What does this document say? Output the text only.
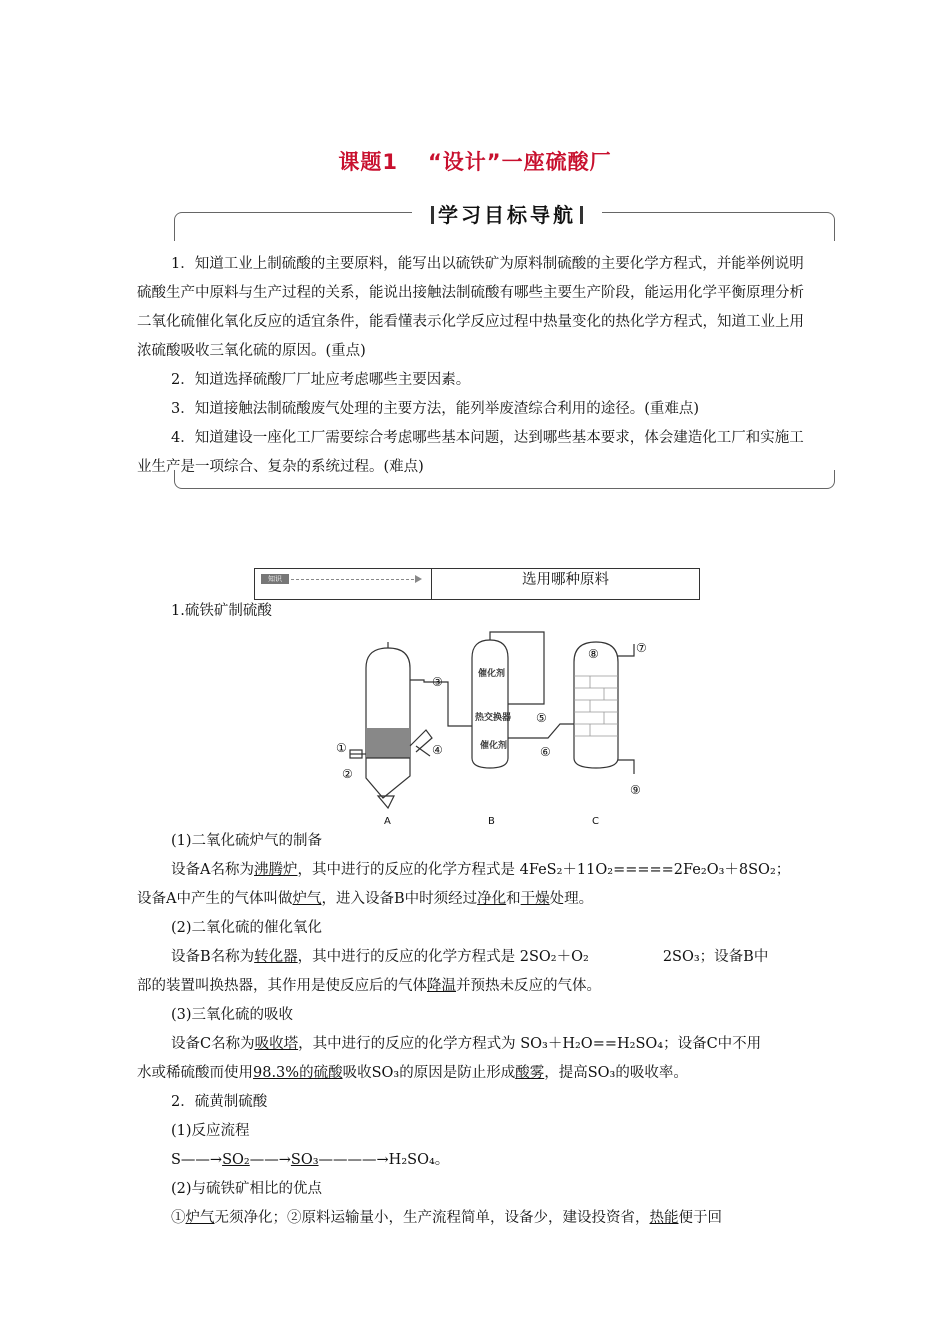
课题1 “设计”一座硫酸厂
学习目标导航

1．知道工业上制硫酸的主要原料，能写出以硫铁矿为原料制硫酸的主要化学方程式，并能举例说明硫酸生产中原料与生产过程的关系，能说出接触法制硫酸有哪些主要生产阶段，能运用化学平衡原理分析二氧化硫催化氧化反应的适宜条件，能看懂表示化学反应过程中热量变化的热化学方程式，知道工业上用浓硫酸吸收三氧化硫的原因。(重点)

2．知道选择硫酸厂厂址应考虑哪些主要因素。

3．知道接触法制硫酸废气处理的主要方法，能列举废渣综合利用的途径。(重难点)

4．知道建设一座化工厂需要综合考虑哪些基本问题，达到哪些基本要求，体会建造化工厂和实施工业生产是一项综合、复杂的系统过程。(难点)

知识	选用哪种原料

1.硫铁矿制硫酸

催化剂
热交换器
催化剂
A	B	C
①
②
③
④
⑤
⑥
⑦
⑧
⑨

(1)二氧化硫炉气的制备

设备A名称为沸腾炉，其中进行的反应的化学方程式是 4FeS₂＋11O₂=====2Fe₂O₃＋8SO₂；

设备A中产生的气体叫做炉气，进入设备B中时须经过净化和干燥处理。

(2)二氧化硫的催化氧化

设备B名称为转化器，其中进行的反应的化学方程式是 2SO₂＋O₂	2SO₃；设备B中

部的装置叫换热器，其作用是使反应后的气体降温并预热未反应的气体。

(3)三氧化硫的吸收

设备C名称为吸收塔，其中进行的反应的化学方程式为 SO₃＋H₂O==H₂SO₄；设备C中不用

水或稀硫酸而使用98.3%的硫酸吸收SO₃的原因是防止形成酸雾，提高SO₃的吸收率。

2．硫黄制硫酸

(1)反应流程

S——→SO₂——→SO₃————→H₂SO₄。

(2)与硫铁矿相比的优点

①炉气无须净化；②原料运输量小，生产流程简单，设备少，建设投资省，热能便于回
